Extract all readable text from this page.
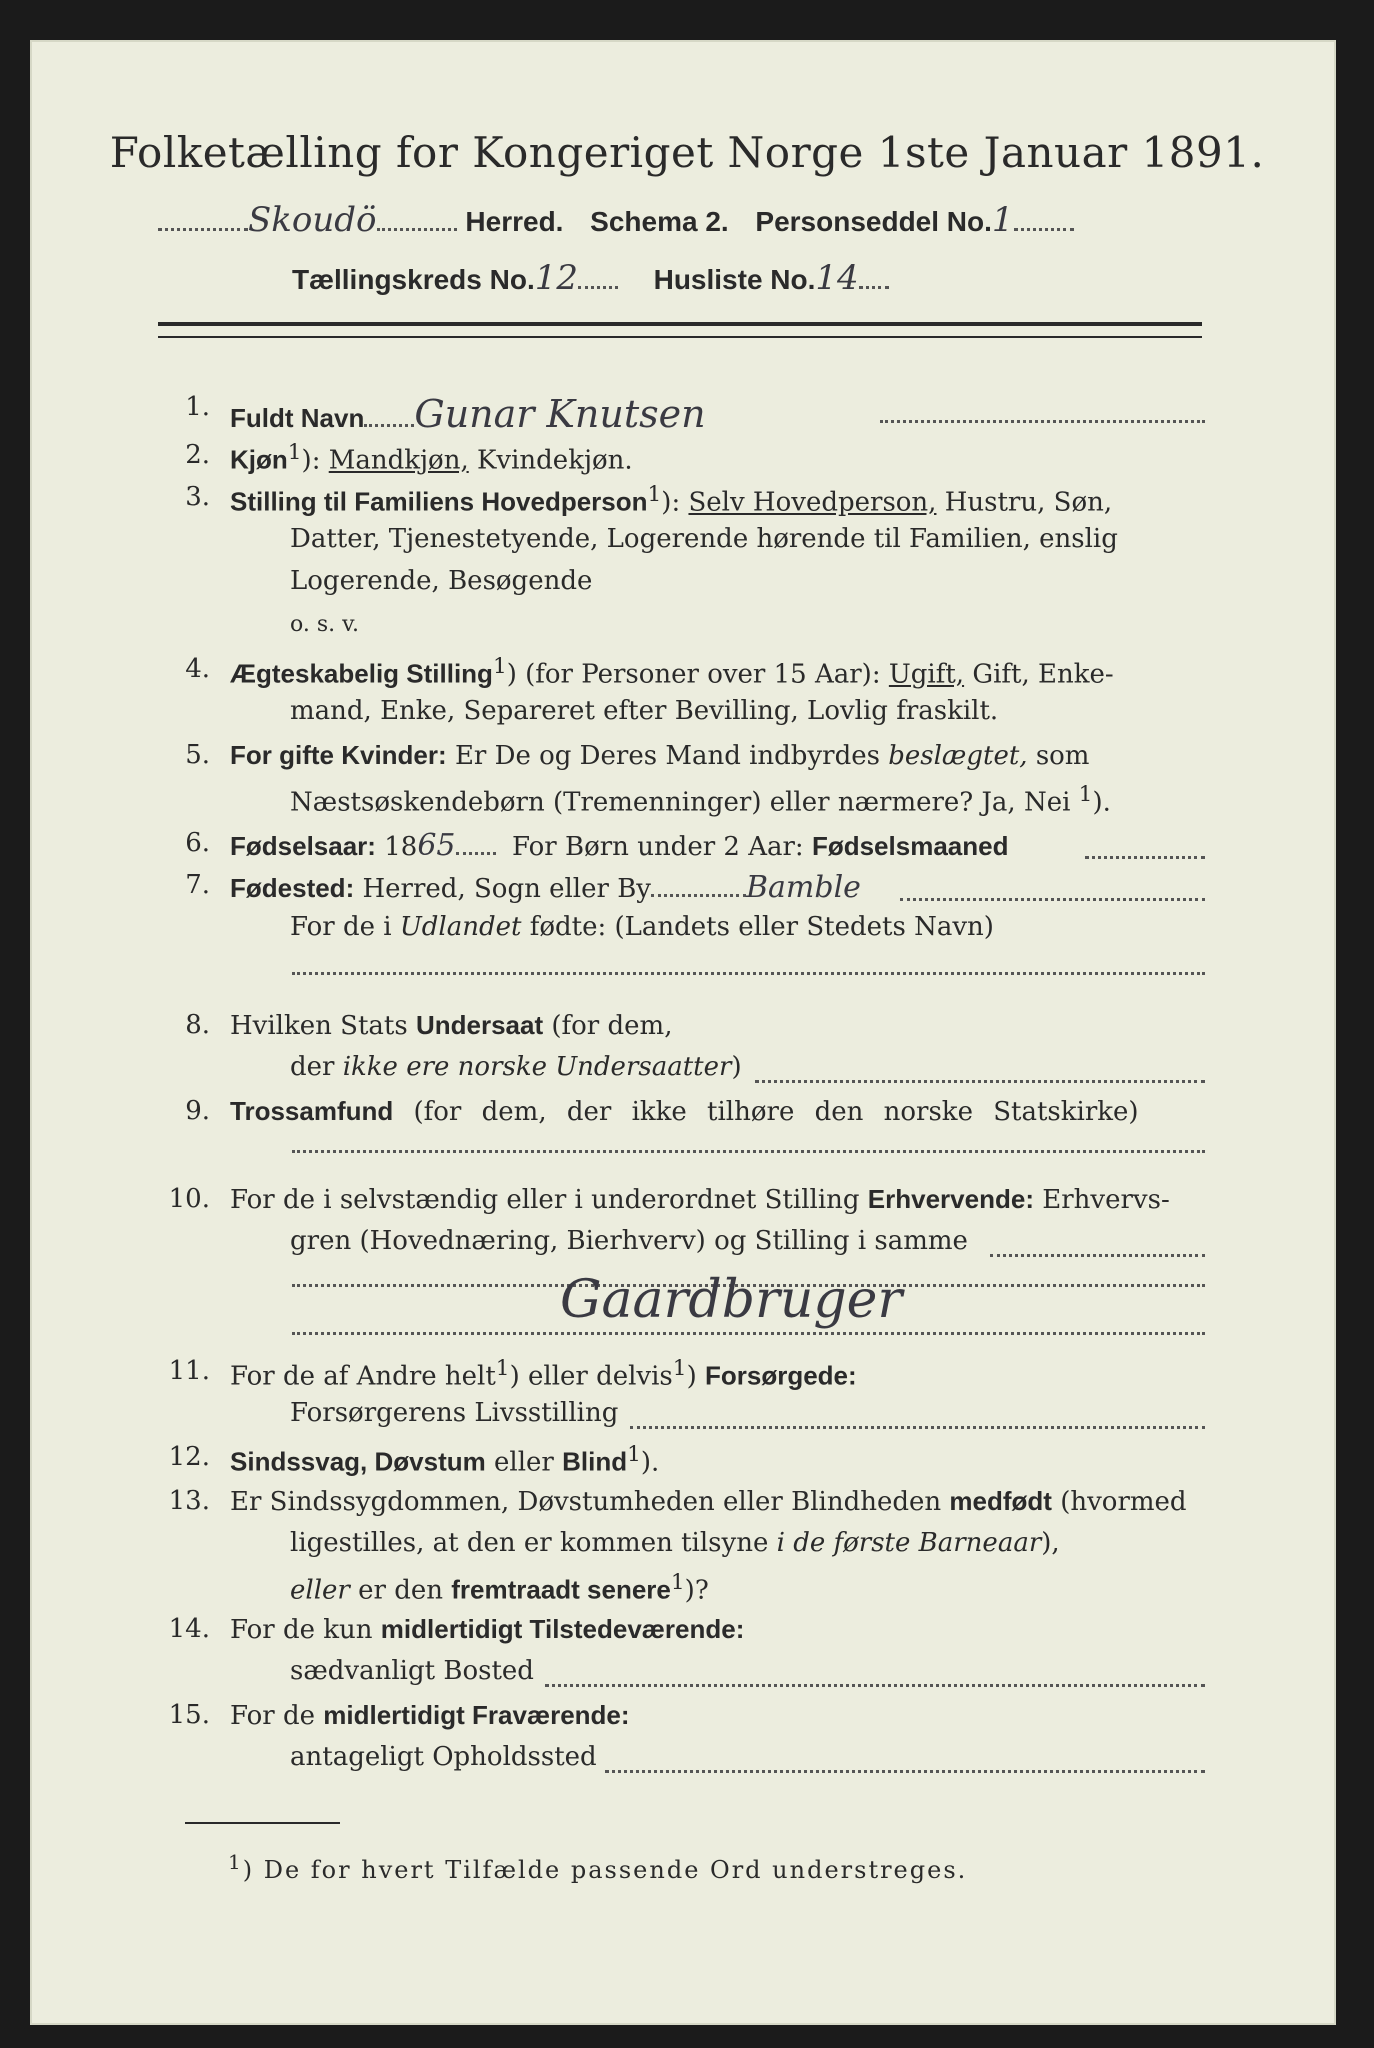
Folketælling for Kongeriget Norge 1ste Januar 1891.
Skoudö	Herred. Schema 2. Personseddel No.1
Tællingskreds No.12	Husliste No.14
1. Fuldt Navn Gunar Knutsen
2. Kjøn$^1$): Mandkjøn, Kvindekjøn.
3. Stilling til Familiens Hovedperson$^1$): Selv Hovedperson, Hustru, Søn,
Datter, Tjenestetyende, Logerende hørende til Familien, enslig
Logerende, Besøgende
o. s. v.
4. Ægteskabelig Stilling$^1$) (for Personer over 15 Aar): Ugift, Gift, Enke-
mand, Enke, Separeret efter Bevilling, Lovlig fraskilt.
5. For gifte Kvinder: Er De og Deres Mand indbyrdes beslægtet, som
Næstsøskendebørn (Tremenninger) eller nærmere? Ja, Nei $^1$).
6. Fødselsaar: 1865 For Børn under 2 Aar: Fødselsmaaned
7. Fødested: Herred, Sogn eller By	Bamble
For de i Udlandet fødte: (Landets eller Stedets Navn)
8. Hvilken Stats Undersaat (for dem,
der ikke ere norske Undersaatter)
9. Trossamfund (for dem, der ikke tilhøre den norske Statskirke)
10. For de i selvstændig eller i underordnet Stilling Erhvervende: Erhvervs-
gren (Hovednæring, Bierhverv) og Stilling i samme
Gaardbruger
11. For de af Andre helt$^1$) eller delvis$^1$) Forsørgede:
Forsørgerens Livsstilling
12. Sindssvag, Døvstum eller Blind$^1$).
13. Er Sindssygdommen, Døvstumheden eller Blindheden medfødt (hvormed
ligestilles, at den er kommen tilsyne i de første Barneaar),
eller er den fremtraadt senere$^1$)?
14. For de kun midlertidigt Tilstedeværende:
sædvanligt Bosted
15. For de midlertidigt Fraværende:
antageligt Opholdssted
$^1$) De for hvert Tilfælde passende Ord understreges.
